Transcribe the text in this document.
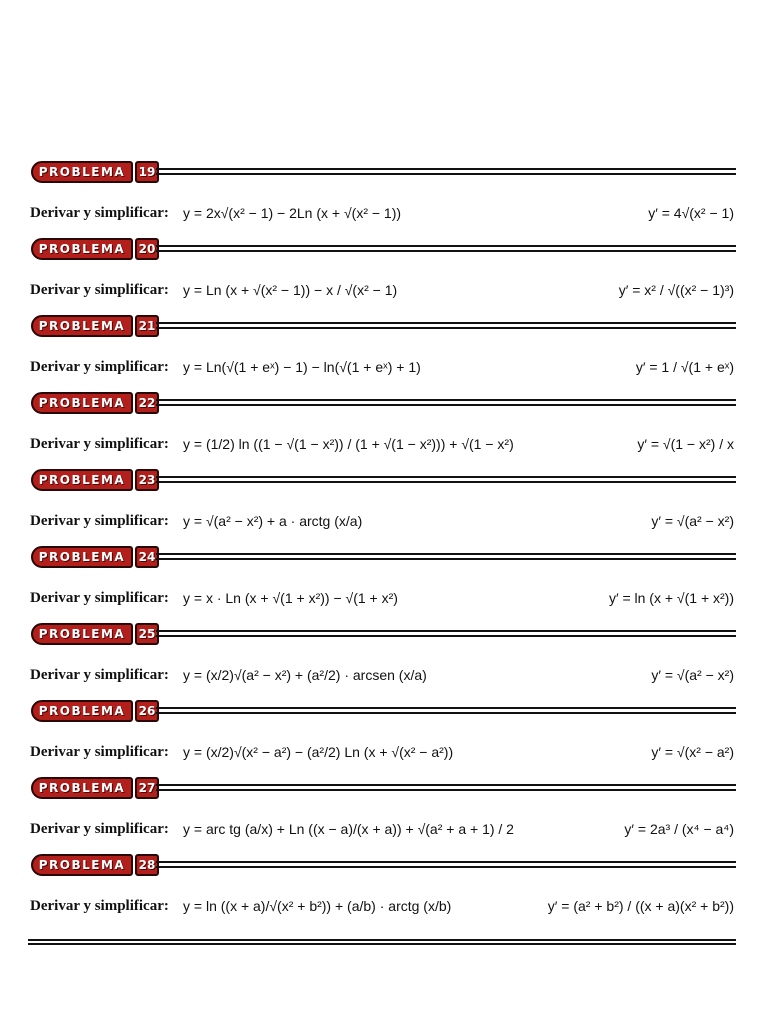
PROBLEMA	19
Derivar y simplificar: y = 2x√(x² − 1) − 2Ln (x + √(x² − 1))	y′ = 4√(x² − 1)
PROBLEMA	20
Derivar y simplificar: y = Ln (x + √(x² − 1)) − x / √(x² − 1)	y′ = x² / √((x² − 1)³)
PROBLEMA	21
Derivar y simplificar: y = Ln(√(1 + eˣ) − 1) − ln(√(1 + eˣ) + 1)	y′ = 1 / √(1 + eˣ)
PROBLEMA	22
Derivar y simplificar: y = (1/2) ln ((1 − √(1 − x²)) / (1 + √(1 − x²))) + √(1 − x²)	y′ = √(1 − x²) / x
PROBLEMA	23
Derivar y simplificar: y = √(a² − x²) + a · arctg (x/a)	y′ = √(a² − x²)
PROBLEMA	24
Derivar y simplificar: y = x · Ln (x + √(1 + x²)) − √(1 + x²)	y′ = ln (x + √(1 + x²))
PROBLEMA	25
Derivar y simplificar: y = (x/2)√(a² − x²) + (a²/2) · arcsen (x/a)	y′ = √(a² − x²)
PROBLEMA	26
Derivar y simplificar: y = (x/2)√(x² − a²) − (a²/2) Ln (x + √(x² − a²))	y′ = √(x² − a²)
PROBLEMA	27
Derivar y simplificar: y = arc tg (a/x) + Ln ((x − a)/(x + a)) + √(a² + a + 1) / 2	y′ = 2a³ / (x⁴ − a⁴)
PROBLEMA	28
Derivar y simplificar: y = ln ((x + a)/√(x² + b²)) + (a/b) · arctg (x/b)	y′ = (a² + b²) / ((x + a)(x² + b²))
